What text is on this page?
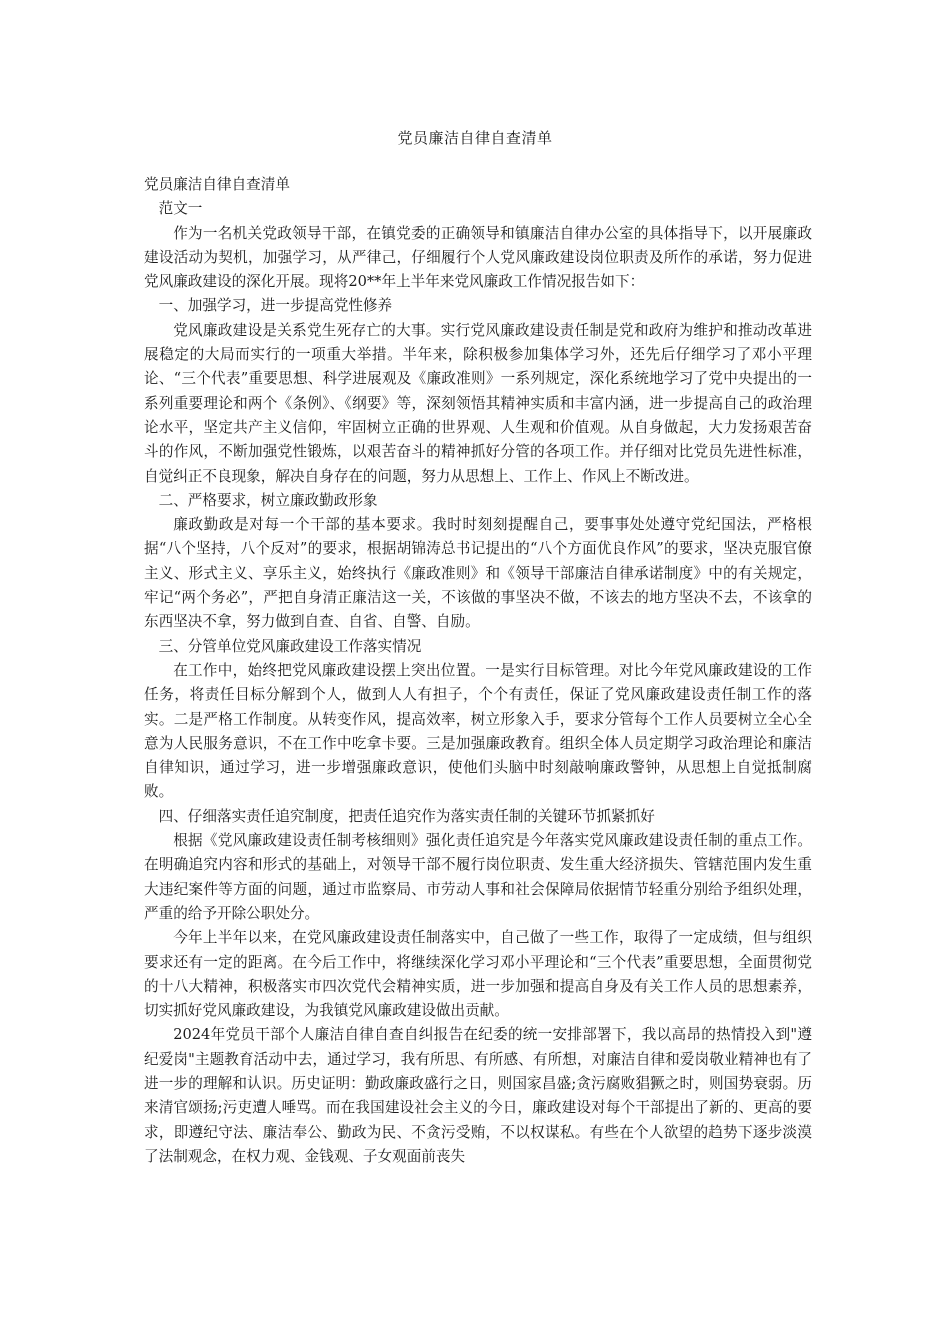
党员廉洁自律自查清单

党员廉洁自律自查清单

范文一

作为一名机关党政领导干部，在镇党委的正确领导和镇廉洁自律办公室的具体指导下，以开展廉政建设活动为契机，加强学习，从严律己，仔细履行个人党风廉政建设岗位职责及所作的承诺，努力促进党风廉政建设的深化开展。现将20**年上半年来党风廉政工作情况报告如下：

一、加强学习，进一步提高党性修养

党风廉政建设是关系党生死存亡的大事。实行党风廉政建设责任制是党和政府为维护和推动改革进展稳定的大局而实行的一项重大举措。半年来，除积极参加集体学习外，还先后仔细学习了邓小平理论、“三个代表”重要思想、科学进展观及《廉政准则》一系列规定，深化系统地学习了党中央提出的一系列重要理论和两个《条例》、《纲要》等，深刻领悟其精神实质和丰富内涵，进一步提高自己的政治理论水平，坚定共产主义信仰，牢固树立正确的世界观、人生观和价值观。从自身做起，大力发扬艰苦奋斗的作风，不断加强党性锻炼，以艰苦奋斗的精神抓好分管的各项工作。并仔细对比党员先进性标准，自觉纠正不良现象，解决自身存在的问题，努力从思想上、工作上、作风上不断改进。

二、严格要求，树立廉政勤政形象

廉政勤政是对每一个干部的基本要求。我时时刻刻提醒自己，要事事处处遵守党纪国法，严格根据“八个坚持，八个反对”的要求，根据胡锦涛总书记提出的“八个方面优良作风”的要求，坚决克服官僚主义、形式主义、享乐主义，始终执行《廉政准则》和《领导干部廉洁自律承诺制度》中的有关规定，牢记“两个务必”，严把自身清正廉洁这一关，不该做的事坚决不做，不该去的地方坚决不去，不该拿的东西坚决不拿，努力做到自查、自省、自警、自励。

三、分管单位党风廉政建设工作落实情况

在工作中，始终把党风廉政建设摆上突出位置。一是实行目标管理。对比今年党风廉政建设的工作任务，将责任目标分解到个人，做到人人有担子，个个有责任，保证了党风廉政建设责任制工作的落实。二是严格工作制度。从转变作风，提高效率，树立形象入手，要求分管每个工作人员要树立全心全意为人民服务意识，不在工作中吃拿卡要。三是加强廉政教育。组织全体人员定期学习政治理论和廉洁自律知识，通过学习，进一步增强廉政意识，使他们头脑中时刻敲响廉政警钟，从思想上自觉抵制腐败。

四、仔细落实责任追究制度，把责任追究作为落实责任制的关键环节抓紧抓好

根据《党风廉政建设责任制考核细则》强化责任追究是今年落实党风廉政建设责任制的重点工作。在明确追究内容和形式的基础上，对领导干部不履行岗位职责、发生重大经济损失、管辖范围内发生重大违纪案件等方面的问题，通过市监察局、市劳动人事和社会保障局依据情节轻重分别给予组织处理，严重的给予开除公职处分。

今年上半年以来，在党风廉政建设责任制落实中，自己做了一些工作，取得了一定成绩，但与组织要求还有一定的距离。在今后工作中，将继续深化学习邓小平理论和“三个代表”重要思想，全面贯彻党的十八大精神，积极落实市四次党代会精神实质，进一步加强和提高自身及有关工作人员的思想素养，切实抓好党风廉政建设，为我镇党风廉政建设做出贡献。

2024年党员干部个人廉洁自律自查自纠报告在纪委的统一安排部署下，我以高昂的热情投入到"遵纪爱岗"主题教育活动中去，通过学习，我有所思、有所感、有所想，对廉洁自律和爱岗敬业精神也有了进一步的理解和认识。历史证明：勤政廉政盛行之日，则国家昌盛;贪污腐败猖獗之时，则国势衰弱。历来清官颂扬;污吏遭人唾骂。而在我国建设社会主义的今日，廉政建设对每个干部提出了新的、更高的要求，即遵纪守法、廉洁奉公、勤政为民、不贪污受贿，不以权谋私。有些在个人欲望的趋势下逐步淡漠了法制观念，在权力观、金钱观、子女观面前丧失
